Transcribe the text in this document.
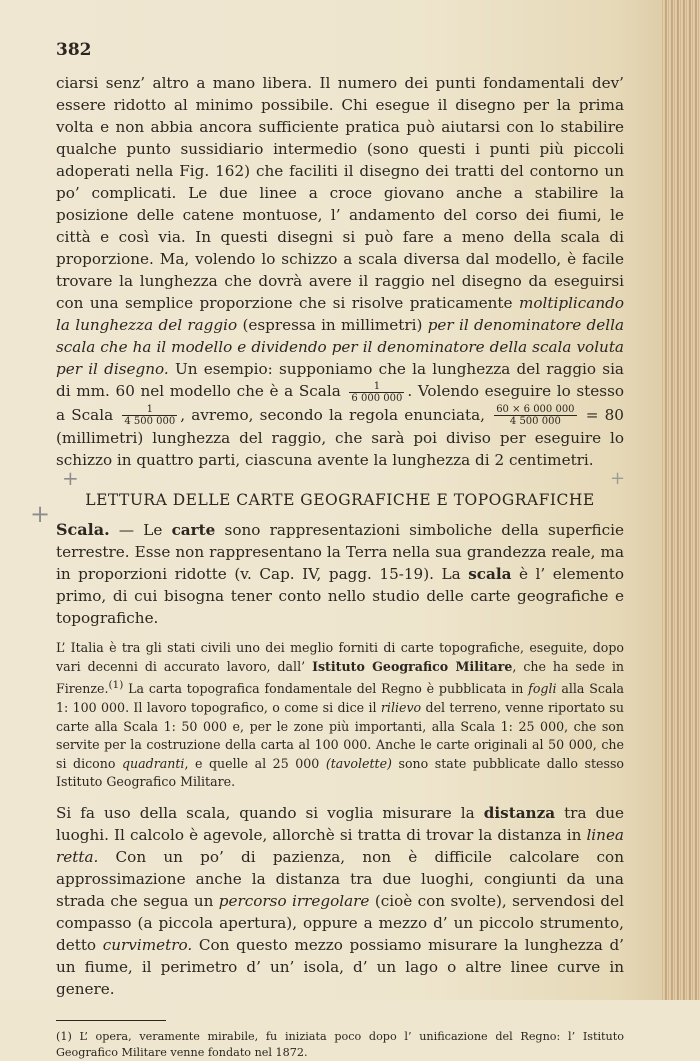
+
+
+
382

ciarsi senz’ altro a mano libera. Il numero dei punti fondamentali dev’ essere ridotto al minimo possibile. Chi esegue il disegno per la prima volta e non abbia ancora sufficiente pratica può aiutarsi con lo stabilire qualche punto sussidiario intermedio (sono questi i punti più piccoli adoperati nella Fig. 162) che faciliti il disegno dei tratti del contorno un po’ complicati. Le due linee a croce giovano anche a stabilire la posizione delle catene montuose, l’ andamento del corso dei fiumi, le città e così via. In questi disegni si può fare a meno della scala di proporzione. Ma, volendo lo schizzo a scala diversa dal modello, è facile trovare la lunghezza che dovrà avere il raggio nel disegno da eseguirsi con una semplice proporzione che si risolve praticamente moltiplicando la lunghezza del raggio (espressa in millimetri) per il denominatore della scala che ha il modello e dividendo per il denominatore della scala voluta per il disegno. Un esempio: supponiamo che la lunghezza del raggio sia di mm. 60 nel modello che è a Scala $\frac{1}{6 000 000}$ . Volendo eseguire lo stesso a Scala $\frac{1}{4 500 000}$ , avremo, secondo la regola enunciata, $\frac{60 \times 6 000 000}{4 500 000} = 80$ (millimetri) lunghezza del raggio, che sarà poi diviso per eseguire lo schizzo in quattro parti, ciascuna avente la lunghezza di 2 centimetri.

LETTURA DELLE CARTE GEOGRAFICHE E TOPOGRAFICHE

Scala. — Le carte sono rappresentazioni simboliche della superficie terrestre. Esse non rappresentano la Terra nella sua grandezza reale, ma in proporzioni ridotte (v. Cap. IV, pagg. 15-19). La scala è l’ elemento primo, di cui bisogna tener conto nello studio delle carte geografiche e topografiche.

L’ Italia è tra gli stati civili uno dei meglio forniti di carte topografiche, eseguite, dopo vari decenni di accurato lavoro, dall’ Istituto Geografico Militare, che ha sede in Firenze.$^{(1)}$ La carta topografica fondamentale del Regno è pubblicata in fogli alla Scala 1: 100 000. Il lavoro topografico, o come si dice il rilievo del terreno, venne riportato su carte alla Scala 1: 50 000 e, per le zone più importanti, alla Scala 1: 25 000, che son servite per la costruzione della carta al 100 000. Anche le carte originali al 50 000, che si dicono quadranti, e quelle al 25 000 (tavolette) sono state pubblicate dallo stesso Istituto Geografico Militare.

Si fa uso della scala, quando si voglia misurare la distanza tra due luoghi. Il calcolo è agevole, allorchè si tratta di trovar la distanza in linea retta. Con un po’ di pazienza, non è difficile calcolare con approssimazione anche la distanza tra due luoghi, congiunti da una strada che segua un percorso irregolare (cioè con svolte), servendosi del compasso (a piccola apertura), oppure a mezzo d’ un piccolo strumento, detto curvimetro. Con questo mezzo possiamo misurare la lunghezza d’ un fiume, il perimetro d’ un’ isola, d’ un lago o altre linee curve in genere.

(1) L’ opera, veramente mirabile, fu iniziata poco dopo l’ unificazione del Regno: l’ Istituto Geografico Militare venne fondato nel 1872.
